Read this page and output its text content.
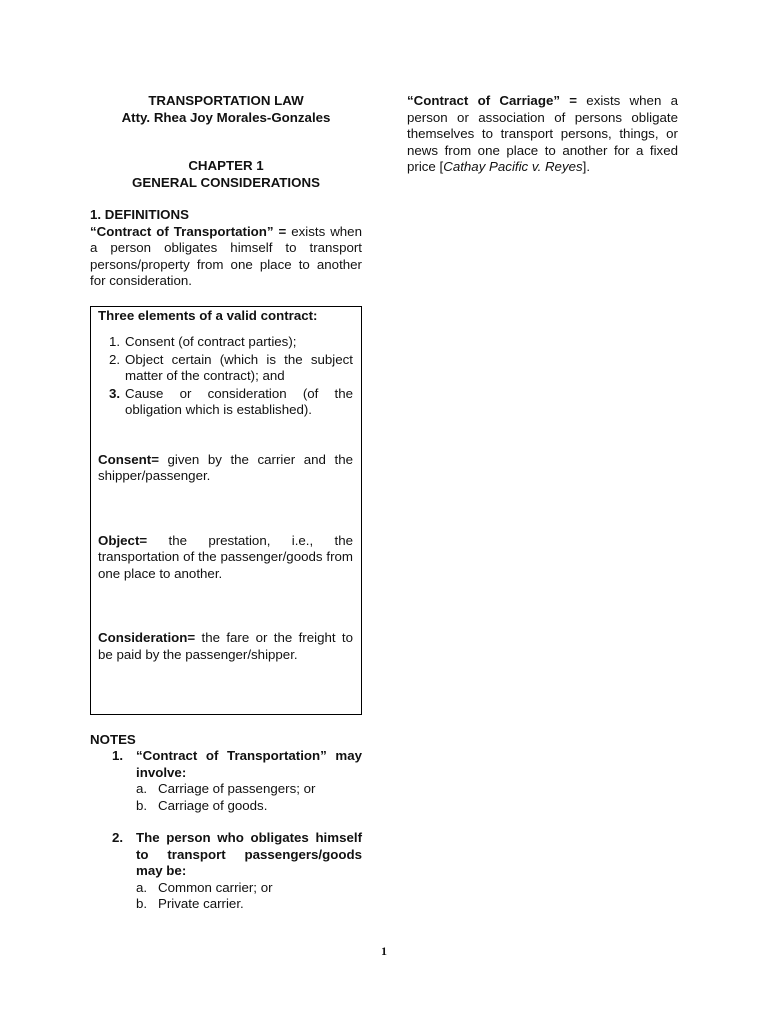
TRANSPORTATION LAW
Atty. Rhea Joy Morales-Gonzales
CHAPTER 1
GENERAL CONSIDERATIONS
1. DEFINITIONS

“Contract of Transportation” = exists when a person obligates himself to transport persons/property from one place to another for consideration.

Three elements of a valid contract:
1. Consent (of contract parties);
2. Object certain (which is the subject matter of the contract); and
3. Cause or consideration (of the obligation which is established).

Consent= given by the carrier and the shipper/passenger.

Object= the prestation, i.e., the transportation of the passenger/goods from one place to another.

Consideration= the fare or the freight to be paid by the passenger/shipper.

NOTES
1. “Contract of Transportation” may involve:
a. Carriage of passengers; or
b. Carriage of goods.
2. The person who obligates himself to transport passengers/goods may be:
a. Common carrier; or
b. Private carrier.

“Contract of Carriage” = exists when a person or association of persons obligate themselves to transport persons, things, or news from one place to another for a fixed price [Cathay Pacific v. Reyes].

1
